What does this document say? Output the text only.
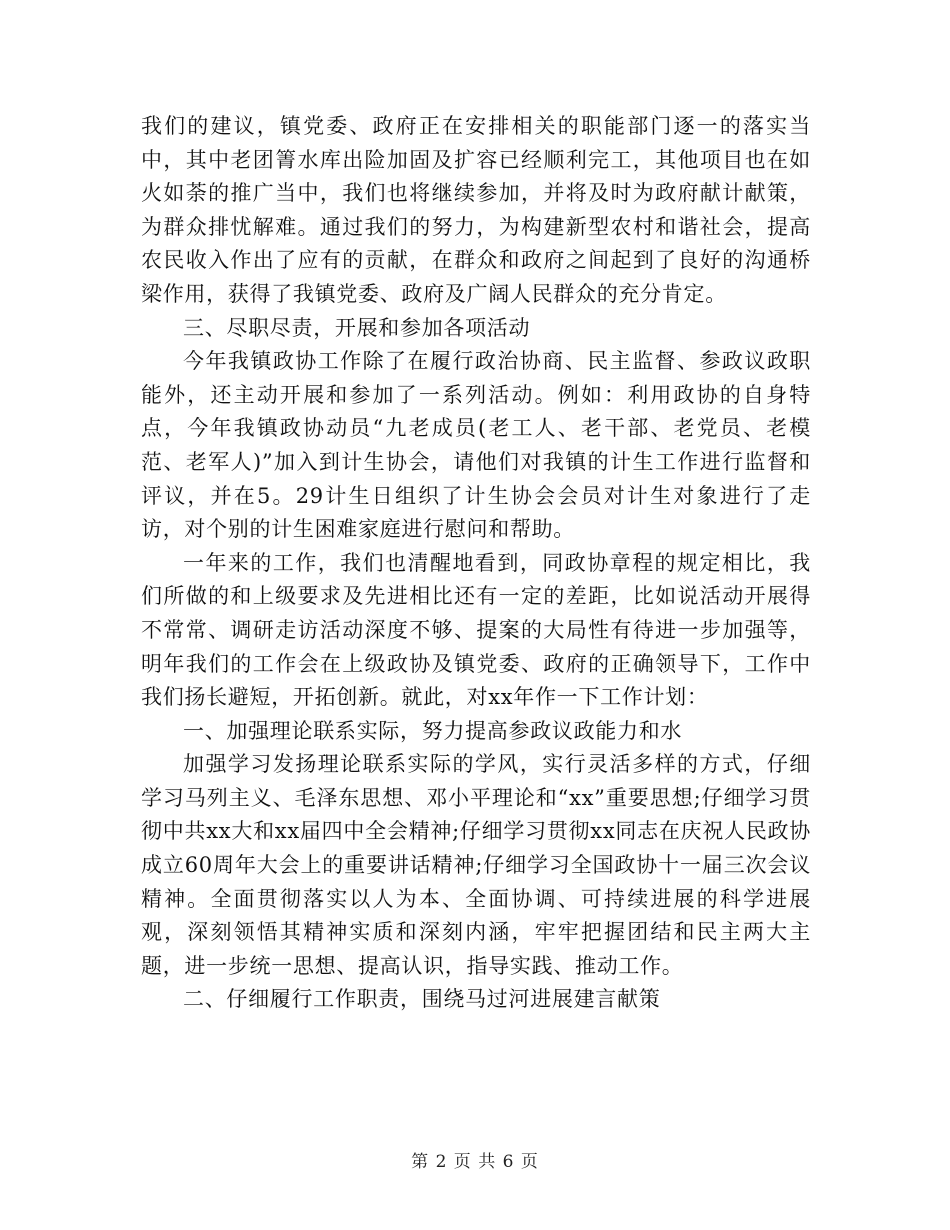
我们的建议，镇党委、政府正在安排相关的职能部门逐一的落实当中，其中老团箐水库出险加固及扩容已经顺利完工，其他项目也在如火如荼的推广当中，我们也将继续参加，并将及时为政府献计献策，为群众排忧解难。通过我们的努力，为构建新型农村和谐社会，提高农民收入作出了应有的贡献，在群众和政府之间起到了良好的沟通桥梁作用，获得了我镇党委、政府及广阔人民群众的充分肯定。

三、尽职尽责，开展和参加各项活动

今年我镇政协工作除了在履行政治协商、民主监督、参政议政职能外，还主动开展和参加了一系列活动。例如：利用政协的自身特点，今年我镇政协动员“九老成员(老工人、老干部、老党员、老模范、老军人)”加入到计生协会，请他们对我镇的计生工作进行监督和评议，并在5。29计生日组织了计生协会会员对计生对象进行了走访，对个别的计生困难家庭进行慰问和帮助。

一年来的工作，我们也清醒地看到，同政协章程的规定相比，我们所做的和上级要求及先进相比还有一定的差距，比如说活动开展得不常常、调研走访活动深度不够、提案的大局性有待进一步加强等，明年我们的工作会在上级政协及镇党委、政府的正确领导下，工作中我们扬长避短，开拓创新。就此，对xx年作一下工作计划：

一、加强理论联系实际，努力提高参政议政能力和水

加强学习发扬理论联系实际的学风，实行灵活多样的方式，仔细学习马列主义、毛泽东思想、邓小平理论和“xx”重要思想;仔细学习贯彻中共xx大和xx届四中全会精神;仔细学习贯彻xx同志在庆祝人民政协成立60周年大会上的重要讲话精神;仔细学习全国政协十一届三次会议精神。全面贯彻落实以人为本、全面协调、可持续进展的科学进展观，深刻领悟其精神实质和深刻内涵，牢牢把握团结和民主两大主题，进一步统一思想、提高认识，指导实践、推动工作。

二、仔细履行工作职责，围绕马过河进展建言献策

第 2 页 共 6 页
